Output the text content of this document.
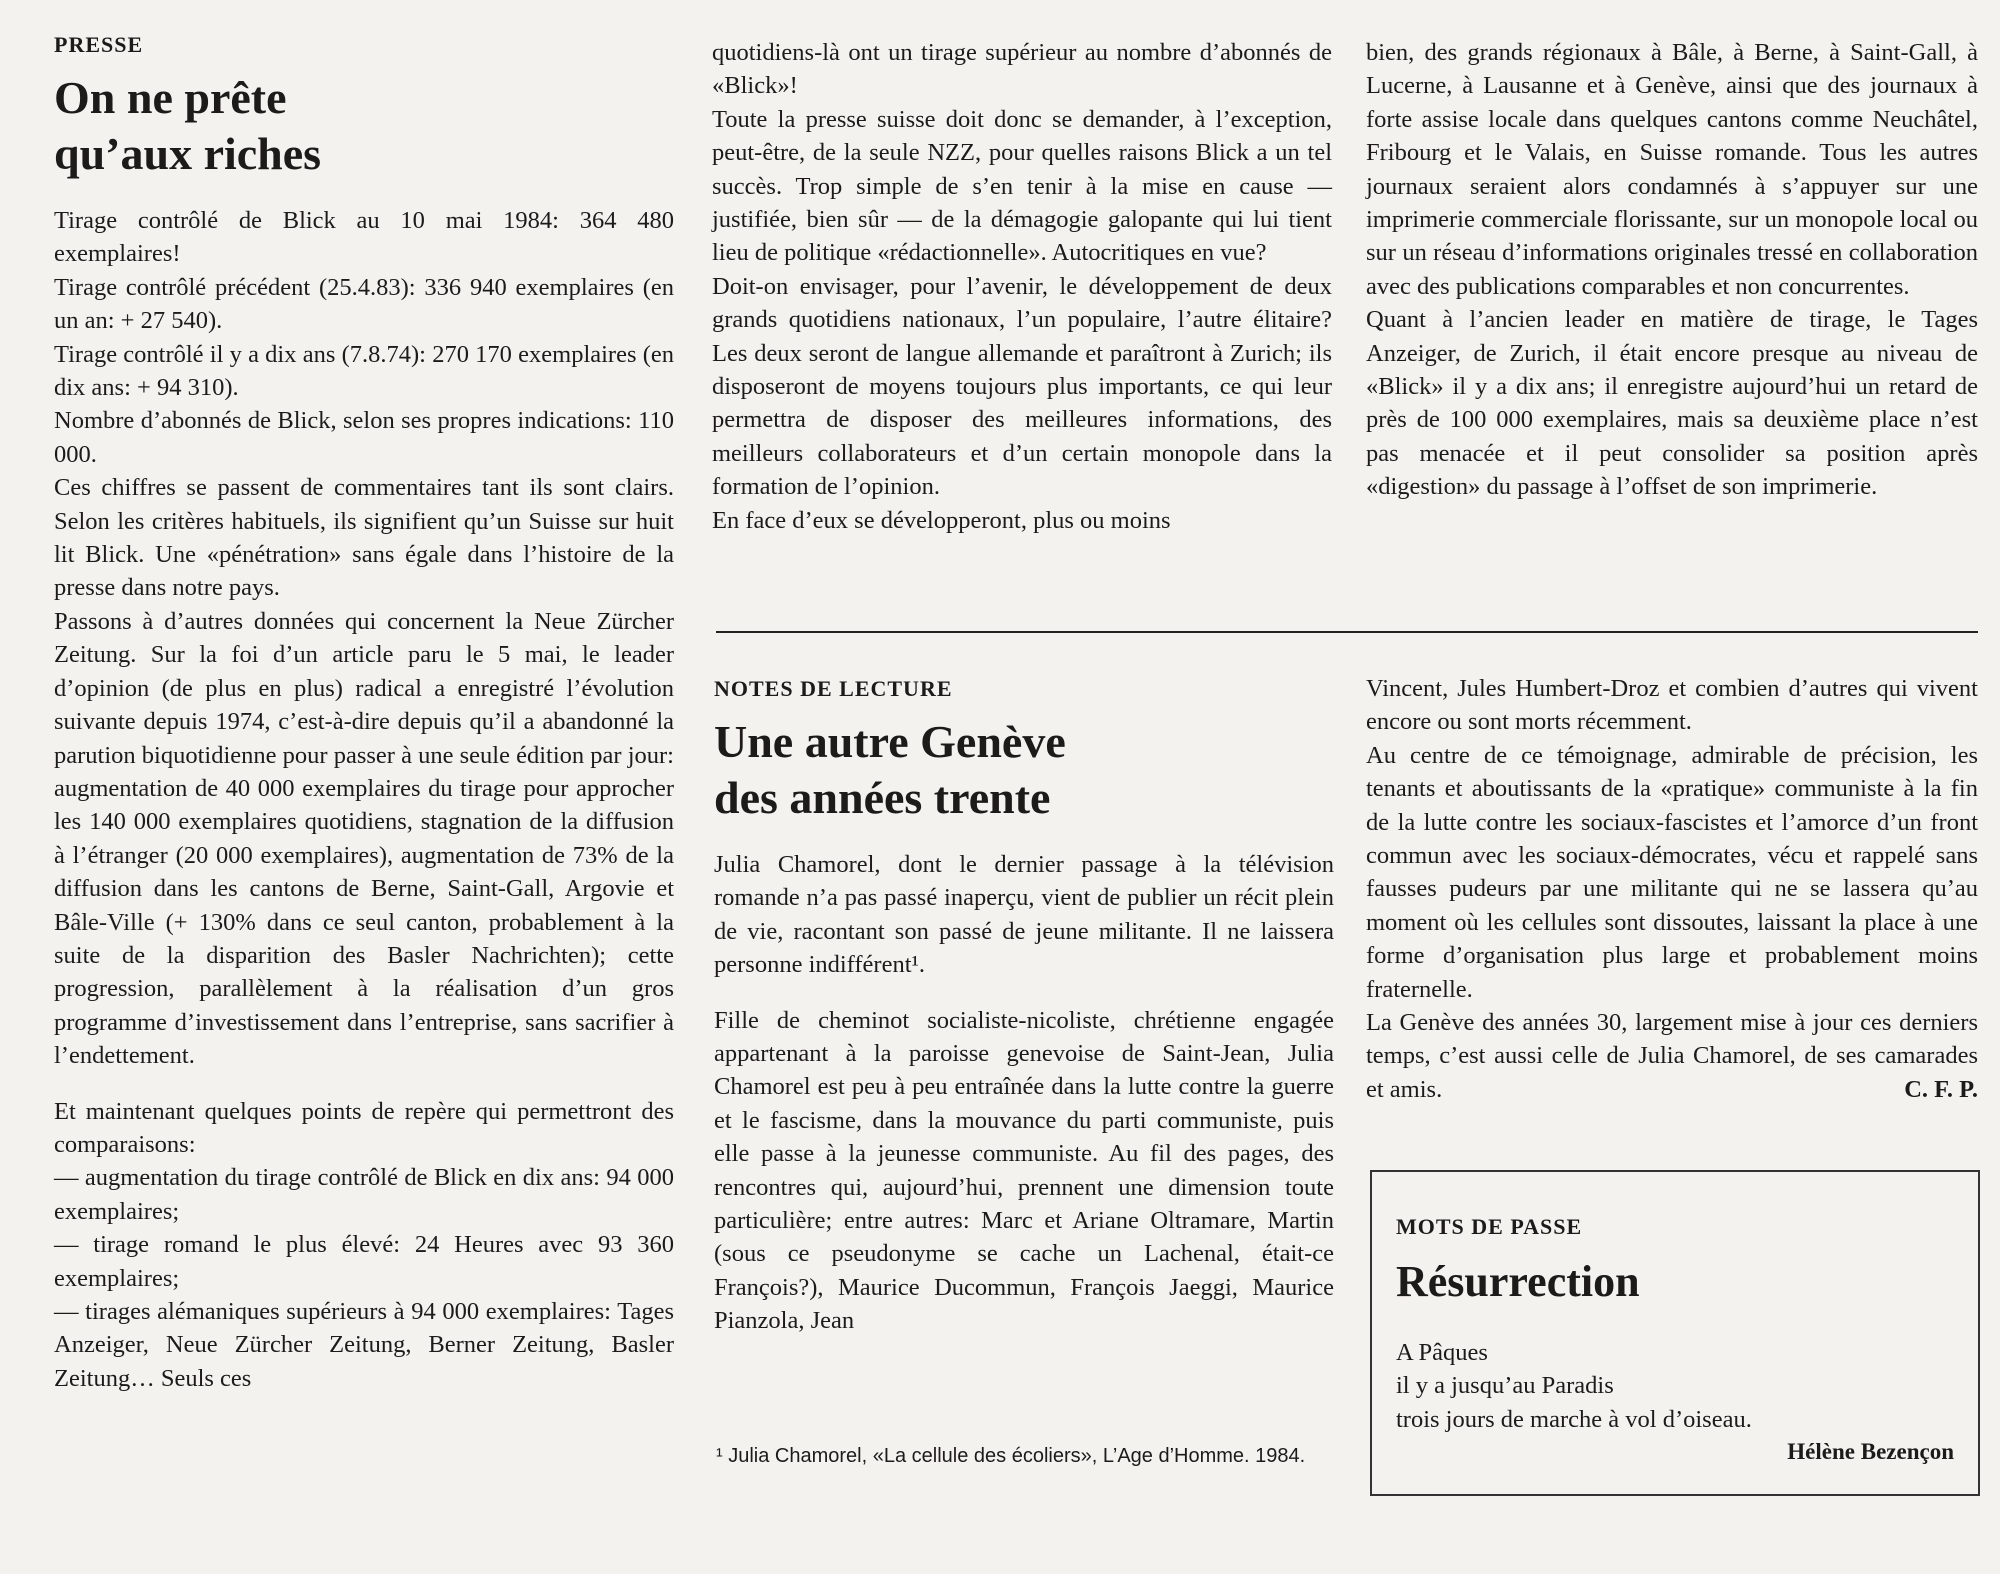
PRESSE
On ne prête
qu’aux riches

Tirage contrôlé de Blick au 10 mai 1984: 364 480 exemplaires!

Tirage contrôlé précédent (25.4.83): 336 940 exemplaires (en un an: + 27 540).

Tirage contrôlé il y a dix ans (7.8.74): 270 170 exemplaires (en dix ans: + 94 310).

Nombre d’abonnés de Blick, selon ses propres indications: 110 000.

Ces chiffres se passent de commentaires tant ils sont clairs. Selon les critères habituels, ils signifient qu’un Suisse sur huit lit Blick. Une «pénétration» sans égale dans l’histoire de la presse dans notre pays.

Passons à d’autres données qui concernent la Neue Zürcher Zeitung. Sur la foi d’un article paru le 5 mai, le leader d’opinion (de plus en plus) radical a enregistré l’évolution suivante depuis 1974, c’est-à-dire depuis qu’il a abandonné la parution biquotidienne pour passer à une seule édition par jour: augmentation de 40 000 exemplaires du tirage pour approcher les 140 000 exemplaires quotidiens, stagnation de la diffusion à l’étranger (20 000 exemplaires), augmentation de 73% de la diffusion dans les cantons de Berne, Saint-Gall, Argovie et Bâle-Ville (+ 130% dans ce seul canton, probablement à la suite de la disparition des Basler Nachrichten); cette progression, parallèlement à la réalisation d’un gros programme d’investissement dans l’entreprise, sans sacrifier à l’endettement.

Et maintenant quelques points de repère qui permettront des comparaisons:

— augmentation du tirage contrôlé de Blick en dix ans: 94 000 exemplaires;

— tirage romand le plus élevé: 24 Heures avec 93 360 exemplaires;

— tirages alémaniques supérieurs à 94 000 exemplaires: Tages Anzeiger, Neue Zürcher Zeitung, Berner Zeitung, Basler Zeitung… Seuls ces

quotidiens-là ont un tirage supérieur au nombre d’abonnés de «Blick»!

Toute la presse suisse doit donc se demander, à l’exception, peut-être, de la seule NZZ, pour quelles raisons Blick a un tel succès. Trop simple de s’en tenir à la mise en cause — justifiée, bien sûr — de la démagogie galopante qui lui tient lieu de politique «rédactionnelle». Autocritiques en vue?

Doit-on envisager, pour l’avenir, le développement de deux grands quotidiens nationaux, l’un populaire, l’autre élitaire? Les deux seront de langue allemande et paraîtront à Zurich; ils disposeront de moyens toujours plus importants, ce qui leur permettra de disposer des meilleures informations, des meilleurs collaborateurs et d’un certain monopole dans la formation de l’opinion.

En face d’eux se développeront, plus ou moins

bien, des grands régionaux à Bâle, à Berne, à Saint-Gall, à Lucerne, à Lausanne et à Genève, ainsi que des journaux à forte assise locale dans quelques cantons comme Neuchâtel, Fribourg et le Valais, en Suisse romande. Tous les autres journaux seraient alors condamnés à s’appuyer sur une imprimerie commerciale florissante, sur un monopole local ou sur un réseau d’informations originales tressé en collaboration avec des publications comparables et non concurrentes.

Quant à l’ancien leader en matière de tirage, le Tages Anzeiger, de Zurich, il était encore presque au niveau de «Blick» il y a dix ans; il enregistre aujourd’hui un retard de près de 100 000 exemplaires, mais sa deuxième place n’est pas menacée et il peut consolider sa position après «digestion» du passage à l’offset de son imprimerie.

NOTES DE LECTURE
Une autre Genève
des années trente

Julia Chamorel, dont le dernier passage à la télévision romande n’a pas passé inaperçu, vient de publier un récit plein de vie, racontant son passé de jeune militante. Il ne laissera personne indifférent¹.

Fille de cheminot socialiste-nicoliste, chrétienne engagée appartenant à la paroisse genevoise de Saint-Jean, Julia Chamorel est peu à peu entraînée dans la lutte contre la guerre et le fascisme, dans la mouvance du parti communiste, puis elle passe à la jeunesse communiste. Au fil des pages, des rencontres qui, aujourd’hui, prennent une dimension toute particulière; entre autres: Marc et Ariane Oltramare, Martin (sous ce pseudonyme se cache un Lachenal, était-ce François?), Maurice Ducommun, François Jaeggi, Maurice Pianzola, Jean

¹ Julia Chamorel, «La cellule des écoliers», L’Age d’Homme. 1984.

Vincent, Jules Humbert-Droz et combien d’autres qui vivent encore ou sont morts récemment.

Au centre de ce témoignage, admirable de précision, les tenants et aboutissants de la «pratique» communiste à la fin de la lutte contre les sociaux-fascistes et l’amorce d’un front commun avec les sociaux-démocrates, vécu et rappelé sans fausses pudeurs par une militante qui ne se lassera qu’au moment où les cellules sont dissoutes, laissant la place à une forme d’organisation plus large et probablement moins fraternelle.

La Genève des années 30, largement mise à jour ces derniers temps, c’est aussi celle de Julia Chamorel, de ses camarades et amis.	C. F. P.

MOTS DE PASSE
Résurrection
A Pâques
il y a jusqu’au Paradis
trois jours de marche à vol d’oiseau.
Hélène Bezençon
